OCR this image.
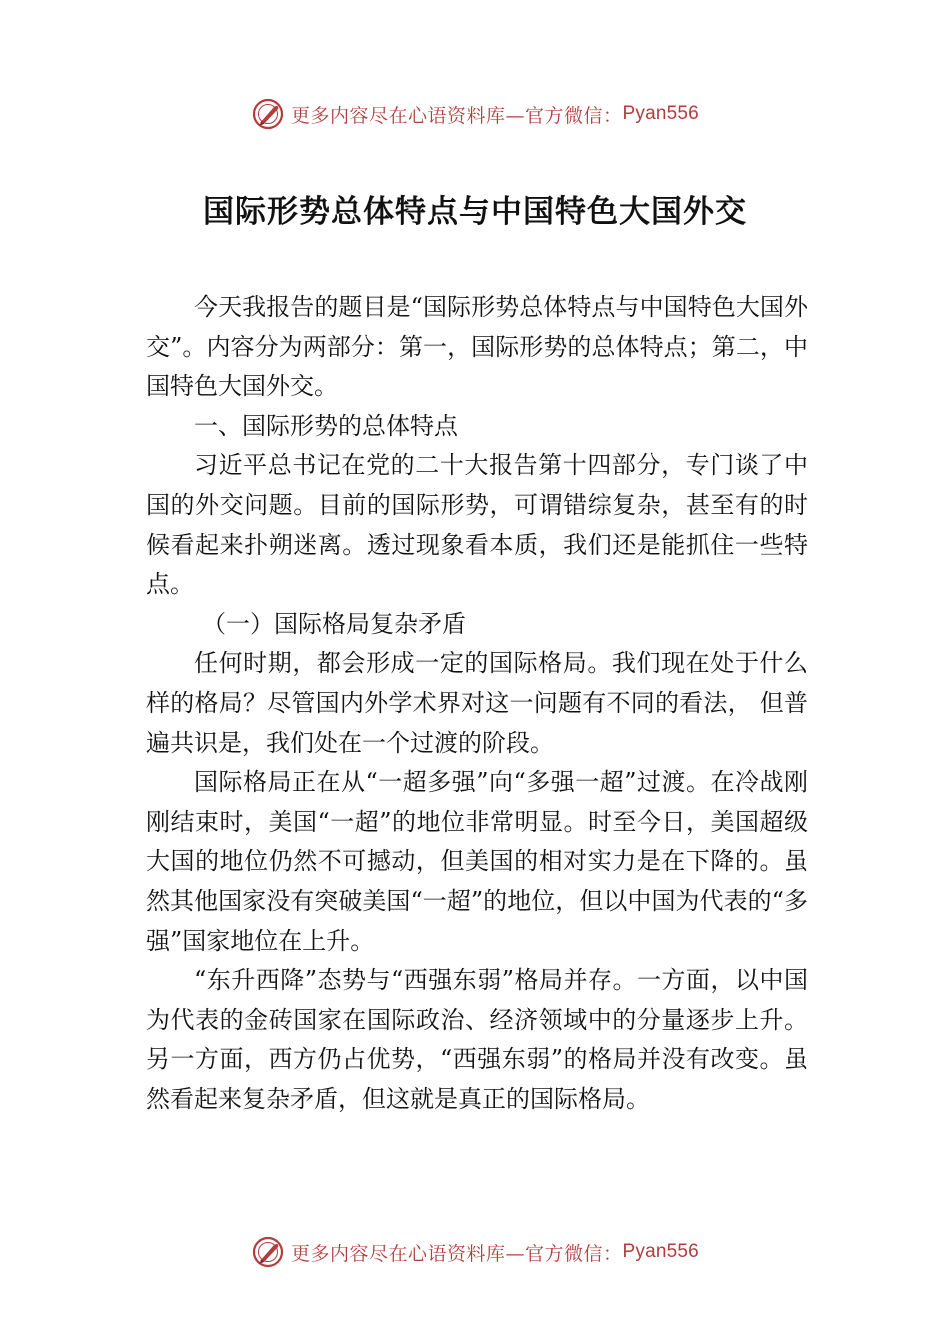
更多内容尽在心语资料库—官方微信： Pyan556
国际形势总体特点与中国特色大国外交

今天我报告的题目是“国际形势总体特点与中国特色大国外交”。内容分为两部分：第一，国际形势的总体特点；第二，中国特色大国外交。

一、国际形势的总体特点

习近平总书记在党的二十大报告第十四部分，专门谈了中国的外交问题。目前的国际形势，可谓错综复杂，甚至有的时候看起来扑朔迷离。透过现象看本质，我们还是能抓住一些特点。

（一）国际格局复杂矛盾

任何时期，都会形成一定的国际格局。我们现在处于什么样的格局？尽管国内外学术界对这一问题有不同的看法， 但普遍共识是，我们处在一个过渡的阶段。

国际格局正在从“一超多强”向“多强一超”过渡。在冷战刚刚结束时，美国“一超”的地位非常明显。时至今日，美国超级大国的地位仍然不可撼动，但美国的相对实力是在下降的。虽然其他国家没有突破美国“一超”的地位，但以中国为代表的“多强”国家地位在上升。

“东升西降”态势与“西强东弱”格局并存。一方面，以中国为代表的金砖国家在国际政治、经济领域中的分量逐步上升。另一方面，西方仍占优势，“西强东弱”的格局并没有改变。虽然看起来复杂矛盾，但这就是真正的国际格局。

更多内容尽在心语资料库—官方微信： Pyan556
